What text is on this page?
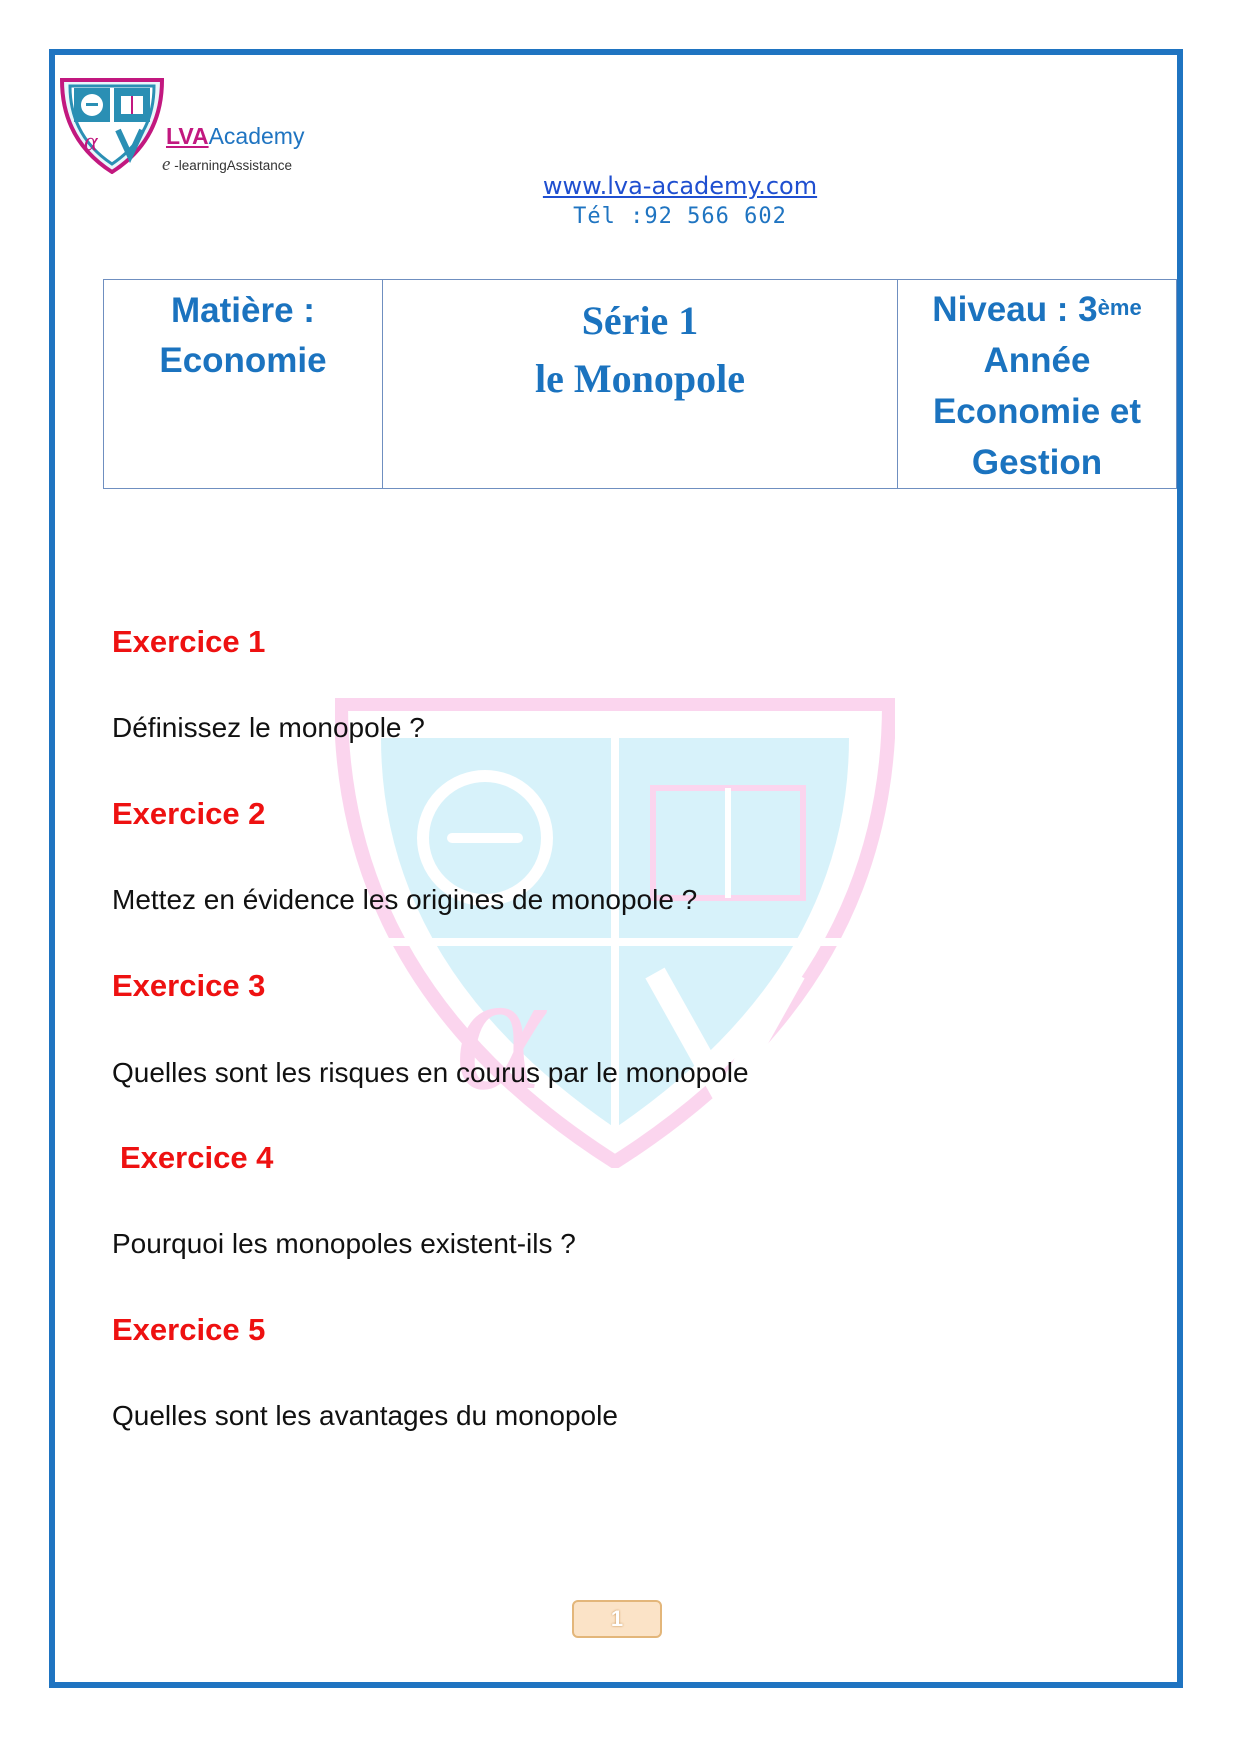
α	LVAAcademy
e -learningAssistance
www.lva-academy.com
Tél :92 566 602
Matière :
Economie

Série 1
le Monopole

Niveau : 3ème
Année
Economie et
Gestion
α
Exercice 1
Définissez le monopole ?
Exercice 2
Mettez en évidence les origines de monopole ?
Exercice 3
Quelles sont les risques en courus par le monopole
Exercice 4
Pourquoi les monopoles existent-ils ?
Exercice 5
Quelles sont les avantages du monopole
1
